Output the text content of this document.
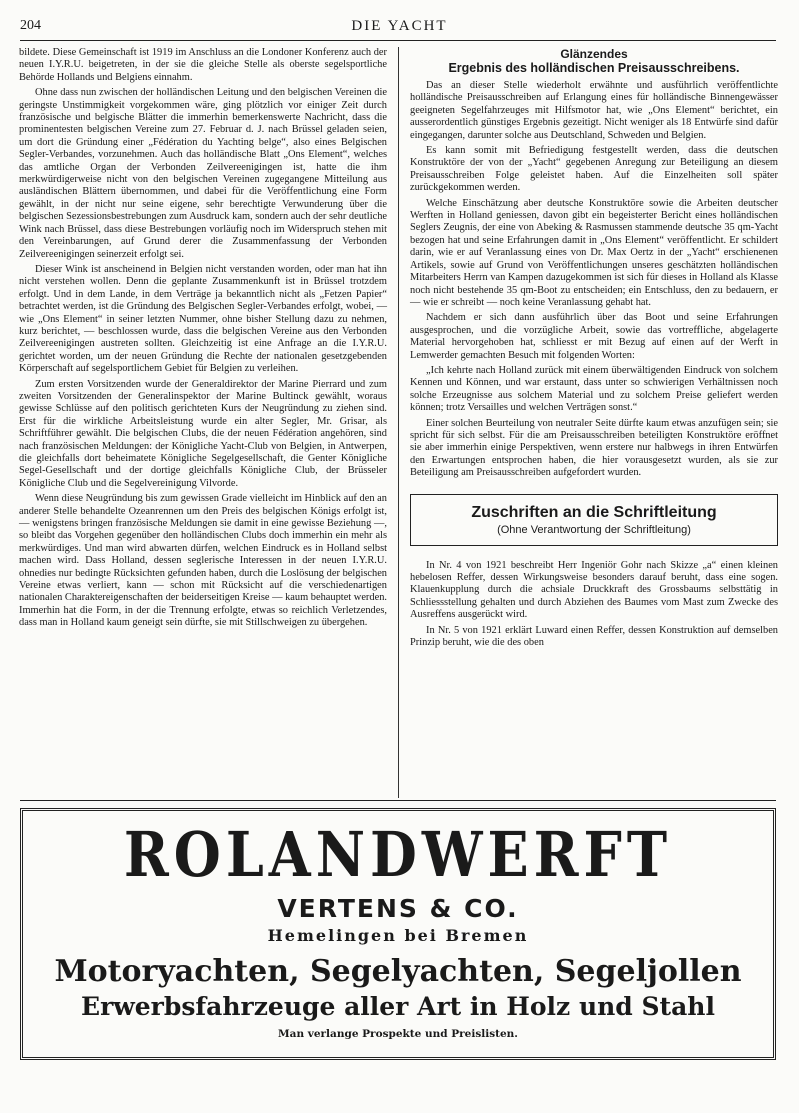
204	DIE YACHT

bildete. Diese Gemeinschaft ist 1919 im Anschluss an die Londoner Konferenz auch der neuen I.Y.R.U. beigetreten, in der sie die gleiche Stelle als oberste segelsportliche Behörde Hollands und Belgiens einnahm.

Ohne dass nun zwischen der holländischen Leitung und den belgischen Vereinen die geringste Unstimmigkeit vorgekommen wäre, ging plötzlich vor einiger Zeit durch französische und belgische Blätter die immerhin bemerkenswerte Nachricht, dass die prominentesten belgischen Vereine zum 27. Februar d. J. nach Brüssel geladen seien, um dort die Gründung einer „Fédération du Yachting belge“, also eines Belgischen Segler-Verbandes, vorzunehmen. Auch das holländische Blatt „Ons Element“, welches das amtliche Organ der Verbonden Zeilvereenigingen ist, hatte die ihm merkwürdigerweise nicht von den belgischen Vereinen zugegangene Mitteilung aus ausländischen Blättern übernommen, und dabei für die Veröffentlichung eine Form gewählt, in der nicht nur seine eigene, sehr berechtigte Verwunderung über die belgischen Sezessionsbestrebungen zum Ausdruck kam, sondern auch der sehr deutliche Wink nach Brüssel, dass diese Bestrebungen vorläufig noch im Widerspruch stehen mit den Vereinbarungen, auf Grund derer die Zusammenfassung der Verbonden Zeilvereenigingen seinerzeit erfolgt sei.

Dieser Wink ist anscheinend in Belgien nicht verstanden worden, oder man hat ihn nicht verstehen wollen. Denn die geplante Zusammenkunft ist in Brüssel trotzdem erfolgt. Und in dem Lande, in dem Verträge ja bekanntlich nicht als „Fetzen Papier“ betrachtet werden, ist die Gründung des Belgischen Segler-Verbandes erfolgt, wobei, — wie „Ons Element“ in seiner letzten Nummer, ohne bisher Stellung dazu zu nehmen, kurz berichtet, — beschlossen wurde, dass die belgischen Vereine aus den Verbonden Zeilvereenigingen austreten sollten. Gleichzeitig ist eine Anfrage an die I.Y.R.U. gerichtet worden, um der neuen Gründung die Rechte der nationalen gesetzgebenden Körperschaft auf segelsportlichem Gebiet für Belgien zu verleihen.

Zum ersten Vorsitzenden wurde der Generaldirektor der Marine Pierrard und zum zweiten Vorsitzenden der Generalinspektor der Marine Bultinck gewählt, woraus gewisse Schlüsse auf den politisch gerichteten Kurs der Neugründung zu ziehen sind. Erst für die wirkliche Arbeitsleistung wurde ein alter Segler, Mr. Grisar, als Schriftführer gewählt. Die belgischen Clubs, die der neuen Fédération angehören, sind nach französischen Meldungen: der Königliche Yacht-Club von Belgien, in Antwerpen, die gleichfalls dort beheimatete Königliche Segelgesellschaft, die Genter Königliche Segel-Gesellschaft und der dortige gleichfalls Königliche Club, der Brüsseler Königliche Club und die Segelvereinigung Vilvorde.

Wenn diese Neugründung bis zum gewissen Grade vielleicht im Hinblick auf den an anderer Stelle behandelte Ozeanrennen um den Preis des belgischen Königs erfolgt ist, — wenigstens bringen französische Meldungen sie damit in eine gewisse Beziehung —, so bleibt das Vorgehen gegenüber den holländischen Clubs doch immerhin ein mehr als merkwürdiges. Und man wird abwarten dürfen, welchen Eindruck es in Holland selbst machen wird. Dass Holland, dessen seglerische Interessen in der neuen I.Y.R.U. ohnedies nur bedingte Rücksichten gefunden haben, durch die Loslösung der belgischen Vereine etwas verliert, kann — schon mit Rücksicht auf die verschiedenartigen nationalen Charaktereigenschaften der beiderseitigen Kreise — kaum behauptet werden. Immerhin hat die Form, in der die Trennung erfolgte, etwas so reichlich Verletzendes, dass man in Holland kaum geneigt sein dürfte, sie mit Stillschweigen zu übergehen.

Glänzendes
Ergebnis des holländischen Preisausschreibens.

Das an dieser Stelle wiederholt erwähnte und ausführlich veröffentlichte holländische Preisausschreiben auf Erlangung eines für holländische Binnengewässer geeigneten Segelfahrzeuges mit Hilfsmotor hat, wie „Ons Element“ berichtet, ein ausserordentlich günstiges Ergebnis gezeitigt. Nicht weniger als 18 Entwürfe sind dafür eingegangen, darunter solche aus Deutschland, Schweden und Belgien.

Es kann somit mit Befriedigung festgestellt werden, dass die deutschen Konstruktöre der von der „Yacht“ gegebenen Anregung zur Beteiligung an diesem Preisausschreiben Folge geleistet haben. Auf die Einzelheiten soll später zurückgekommen werden.

Welche Einschätzung aber deutsche Konstruktöre sowie die Arbeiten deutscher Werften in Holland geniessen, davon gibt ein begeisterter Bericht eines holländischen Seglers Zeugnis, der eine von Abeking & Rasmussen stammende deutsche 35 qm-Yacht bezogen hat und seine Erfahrungen damit in „Ons Element“ veröffentlicht. Er schildert darin, wie er auf Veranlassung eines von Dr. Max Oertz in der „Yacht“ erschienenen Artikels, sowie auf Grund von Veröffentlichungen unseres geschätzten holländischen Mitarbeiters Herrn van Kampen dazugekommen ist sich für dieses in Holland als Klasse noch nicht bestehende 35 qm-Boot zu entscheiden; ein Entschluss, den zu bedauern, er — wie er schreibt — noch keine Veranlassung gehabt hat.

Nachdem er sich dann ausführlich über das Boot und seine Erfahrungen ausgesprochen, und die vorzügliche Arbeit, sowie das vortreffliche, abgelagerte Material hervorgehoben hat, schliesst er mit Bezug auf einen auf der Werft in Lemwerder gemachten Besuch mit folgenden Worten:

„Ich kehrte nach Holland zurück mit einem überwältigenden Eindruck von solchem Kennen und Können, und war erstaunt, dass unter so schwierigen Verhältnissen noch solche Erzeugnisse aus solchem Material und zu solchem Preise geliefert werden können; trotz Versailles und welchen Verträgen sonst.“

Einer solchen Beurteilung von neutraler Seite dürfte kaum etwas anzufügen sein; sie spricht für sich selbst. Für die am Preisausschreiben beteiligten Konstruktöre eröffnet sie aber immerhin einige Perspektiven, wenn erstere nur halbwegs in ihren Entwürfen den Erwartungen entsprochen haben, die hier vorausgesetzt wurden, als sie zur Beteiligung am Preisausschreiben aufgefordert wurden.

Zuschriften an die Schriftleitung
(Ohne Verantwortung der Schriftleitung)

In Nr. 4 von 1921 beschreibt Herr Ingeniör Gohr nach Skizze „a“ einen kleinen hebelosen Reffer, dessen Wirkungsweise besonders darauf beruht, dass eine sogen. Klauenkupplung durch die achsiale Druckkraft des Grossbaums selbsttätig in Schliessstellung gehalten und durch Abziehen des Baumes vom Mast zum Zwecke des Ausreffens ausgerückt wird.

In Nr. 5 von 1921 erklärt Luward einen Reffer, dessen Konstruktion auf demselben Prinzip beruht, wie die des oben

ROLANDWERFT
VERTENS & CO.
Hemelingen bei Bremen
Motoryachten, Segelyachten, Segeljollen
Erwerbsfahrzeuge aller Art in Holz und Stahl
Man verlange Prospekte und Preislisten.
